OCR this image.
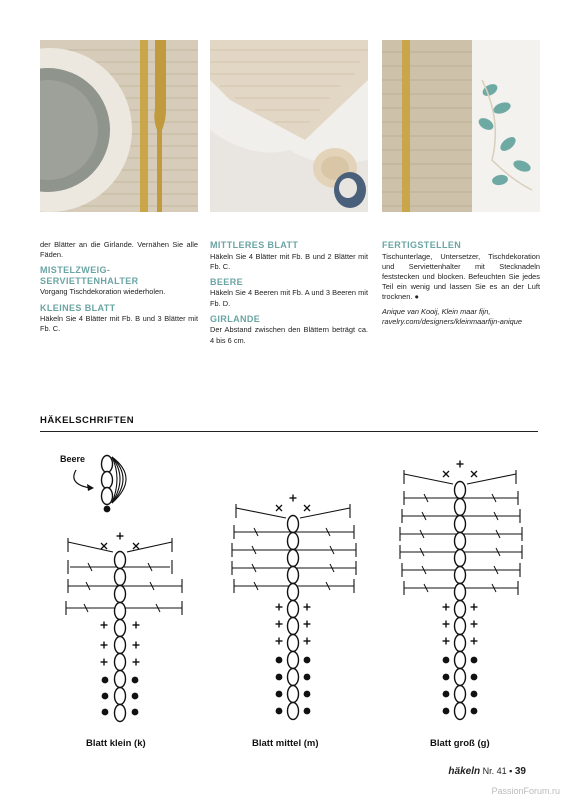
der Blätter an die Girlande. Vernähen Sie alle Fäden.

MISTELZWEIG-SERVIETTENHALTER

Vorgang Tischdekoration wiederholen.

KLEINES BLATT

Häkeln Sie 4 Blätter mit Fb. B und 3 Blätter mit Fb. C.

MITTLERES BLATT

Häkeln Sie 4 Blätter mit Fb. B und 2 Blätter mit Fb. C.

BEERE

Häkeln Sie 4 Beeren mit Fb. A und 3 Beeren mit Fb. D.

GIRLANDE

Der Abstand zwischen den Blättern beträgt ca. 4 bis 6 cm.

FERTIGSTELLEN

Tischunterlage, Untersetzer, Tischdekoration und Serviettenhalter mit Stecknadeln feststecken und blocken. Befeuchten Sie jedes Teil ein wenig und lassen Sie es an der Luft trocknen. ●

Anique van Kooij, Klein maar fijn,
ravelry.com/designers/kleinmaarfijn-anique

HÄKELSCHRIFTEN
Beere
Blatt klein (k)	Blatt mittel (m)	Blatt groß (g)
häkeln Nr. 41 ▪ 39
PassionForum.ru
